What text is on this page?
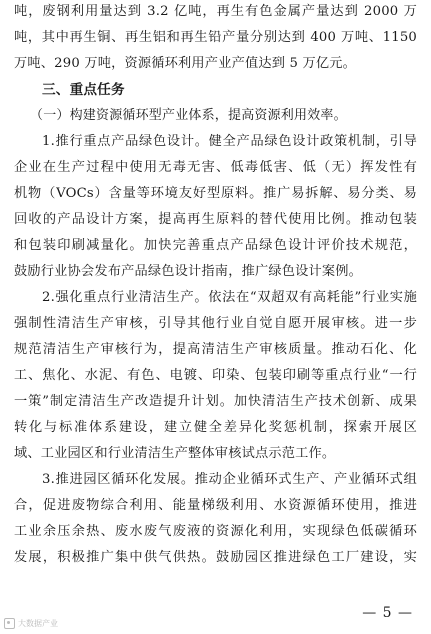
吨，废钢利用量达到 3.2 亿吨，再生有色金属产量达到 2000 万
吨，其中再生铜、再生铝和再生铅产量分别达到 400 万吨、1150
万吨、290 万吨，资源循环利用产业产值达到 5 万亿元。
三、重点任务
（一）构建资源循环型产业体系，提高资源利用效率。
1.推行重点产品绿色设计。健全产品绿色设计政策机制，引导
企业在生产过程中使用无毒无害、低毒低害、低（无）挥发性有
机物（VOCs）含量等环境友好型原料。推广易拆解、易分类、易
回收的产品设计方案，提高再生原料的替代使用比例。推动包装
和包装印刷减量化。加快完善重点产品绿色设计评价技术规范，
鼓励行业协会发布产品绿色设计指南，推广绿色设计案例。
2.强化重点行业清洁生产。依法在“双超双有高耗能”行业实施
强制性清洁生产审核，引导其他行业自觉自愿开展审核。进一步
规范清洁生产审核行为，提高清洁生产审核质量。推动石化、化
工、焦化、水泥、有色、电镀、印染、包装印刷等重点行业“一行
一策”制定清洁生产改造提升计划。加快清洁生产技术创新、成果
转化与标准体系建设，建立健全差异化奖惩机制，探索开展区
域、工业园区和行业清洁生产整体审核试点示范工作。
3.推进园区循环化发展。推动企业循环式生产、产业循环式组
合，促进废物综合利用、能量梯级利用、水资源循环使用，推进
工业余压余热、废水废气废液的资源化利用，实现绿色低碳循环
发展，积极推广集中供气供热。鼓励园区推进绿色工厂建设，实
— 5 —
大数据产业
